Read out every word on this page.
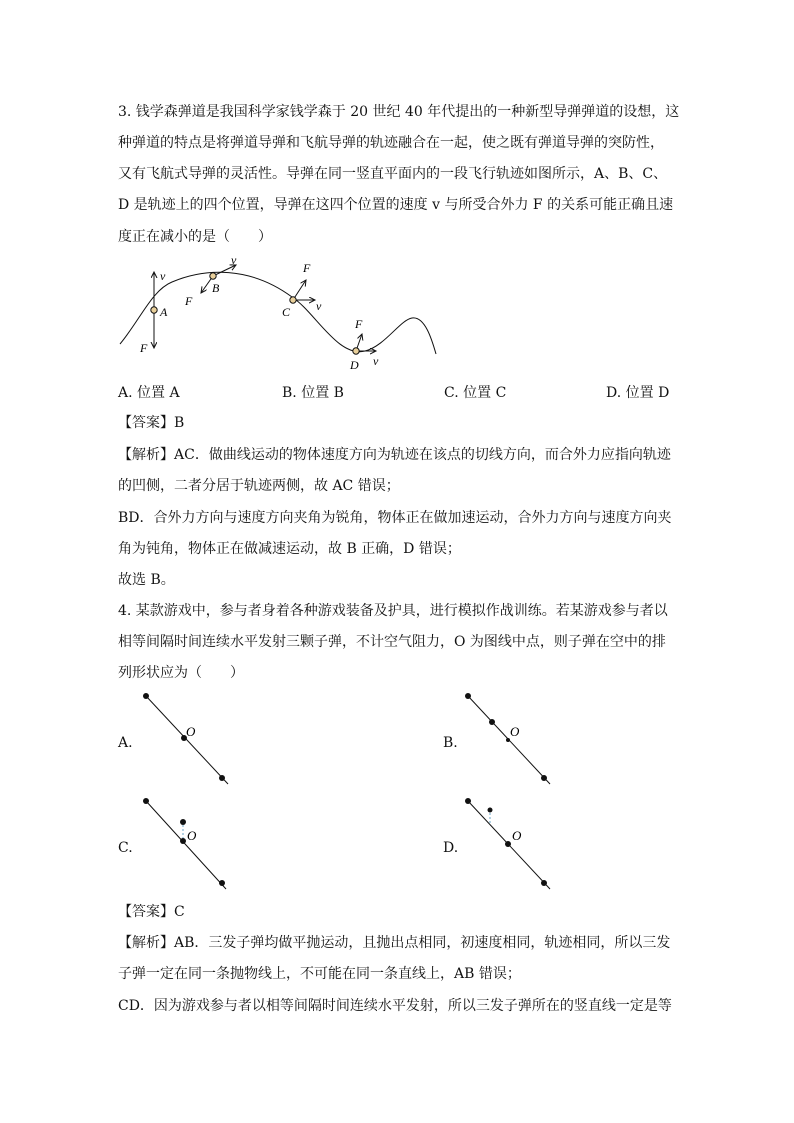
3. 钱学森弹道是我国科学家钱学森于 20 世纪 40 年代提出的一种新型导弹弹道的设想，这
种弹道的特点是将弹道导弹和飞航导弹的轨迹融合在一起，使之既有弹道导弹的突防性，
又有飞航式导弹的灵活性。导弹在同一竖直平面内的一段飞行轨迹如图所示，A、B、C、
D 是轨迹上的四个位置，导弹在这四个位置的速度 v 与所受合外力 F 的关系可能正确且速
度正在减小的是（　　）
A
v
F
B
v
F
C v
F
D v
F
A. 位置 A	B. 位置 B	C. 位置 C	D. 位置 D
【答案】B
【解析】AC．做曲线运动的物体速度方向为轨迹在该点的切线方向，而合外力应指向轨迹
的凹侧，二者分居于轨迹两侧，故 AC 错误；
BD．合外力方向与速度方向夹角为锐角，物体正在做加速运动，合外力方向与速度方向夹
角为钝角，物体正在做减速运动，故 B 正确，D 错误；
故选 B。
4. 某款游戏中，参与者身着各种游戏装备及护具，进行模拟作战训练。若某游戏参与者以
相等间隔时间连续水平发射三颗子弹，不计空气阻力，O 为图线中点，则子弹在空中的排
列形状应为（　　）
A.
O
B.
O
C.
O
D.
O
【答案】C
【解析】AB．三发子弹均做平抛运动，且抛出点相同，初速度相同，轨迹相同，所以三发
子弹一定在同一条抛物线上，不可能在同一条直线上，AB 错误；
CD．因为游戏参与者以相等间隔时间连续水平发射，所以三发子弹所在的竖直线一定是等
